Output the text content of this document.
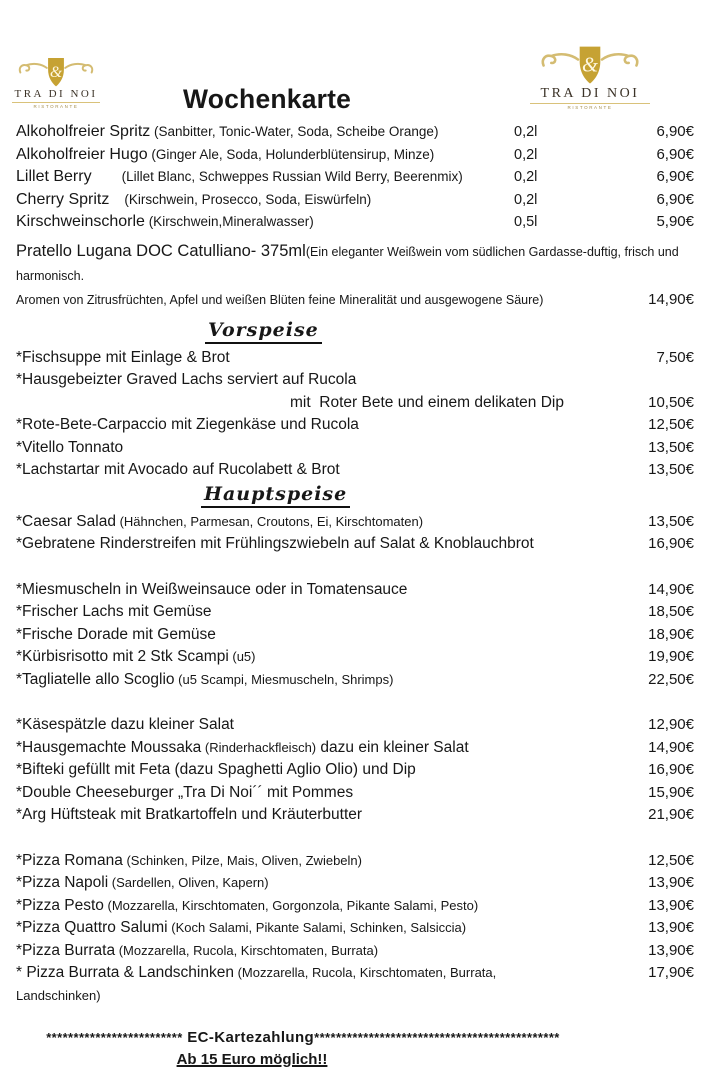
&
TRA DI NOI
RISTORANTE
&
TRA DI NOI
RISTORANTE
Wochenkarte
Alkoholfreier Spritz (Sanbitter, Tonic-Water, Soda, Scheibe Orange)	0,2l	6,90€
Alkoholfreier Hugo (Ginger Ale, Soda, Holunderblütensirup, Minze)	0,2l	6,90€
Lillet Berry        (Lillet Blanc, Schweppes Russian Wild Berry, Beerenmix)	0,2l	6,90€
Cherry Spritz    (Kirschwein, Prosecco, Soda, Eiswürfeln)	0,2l	6,90€
Kirschweinschorle (Kirschwein,Mineralwasser)	0,5l	5,90€
Pratello Lugana DOC Catulliano- 375ml(Ein eleganter Weißwein vom südlichen Gardasse-duftig, frisch und harmonisch.
Aromen von Zitrusfrüchten, Apfel und weißen Blüten feine Mineralität und ausgewogene Säure)	14,90€
Vorspeise
*Fischsuppe mit Einlage & Brot	7,50€
*Hausgebeizter Graved Lachs serviert auf Rucola
mit  Roter Bete und einem delikaten Dip	10,50€
*Rote-Bete-Carpaccio mit Ziegenkäse und Rucola	12,50€
*Vitello Tonnato	13,50€
*Lachstartar mit Avocado auf Rucolabett & Brot	13,50€
Hauptspeise
*Caesar Salad (Hähnchen, Parmesan, Croutons, Ei, Kirschtomaten)	13,50€
*Gebratene Rinderstreifen mit Frühlingszwiebeln auf Salat & Knoblauchbrot	16,90€
*Miesmuscheln in Weißweinsauce oder in Tomatensauce	14,90€
*Frischer Lachs mit Gemüse	18,50€
*Frische Dorade mit Gemüse	18,90€
*Kürbisrisotto mit 2 Stk Scampi (u5)	19,90€
*Tagliatelle allo Scoglio (u5 Scampi, Miesmuscheln, Shrimps)	22,50€
*Käsespätzle dazu kleiner Salat	12,90€
*Hausgemachte Moussaka (Rinderhackfleisch) dazu ein kleiner Salat	14,90€
*Bifteki gefüllt mit Feta (dazu Spaghetti Aglio Olio) und Dip	16,90€
*Double Cheeseburger „Tra Di Noi´´ mit Pommes	15,90€
*Arg Hüftsteak mit Bratkartoffeln und Kräuterbutter	21,90€
*Pizza Romana (Schinken, Pilze, Mais, Oliven, Zwiebeln)	12,50€
*Pizza Napoli (Sardellen, Oliven, Kapern)	13,90€
*Pizza Pesto (Mozzarella, Kirschtomaten, Gorgonzola, Pikante Salami, Pesto)	13,90€
*Pizza Quattro Salumi (Koch Salami, Pikante Salami, Schinken, Salsiccia)	13,90€
*Pizza Burrata (Mozzarella, Rucola, Kirschtomaten, Burrata)	13,90€
* Pizza Burrata & Landschinken (Mozzarella, Rucola, Kirschtomaten, Burrata, Landschinken)
17,90€
************************* EC-Kartezahlung*********************************************
Ab 15 Euro möglich!!
